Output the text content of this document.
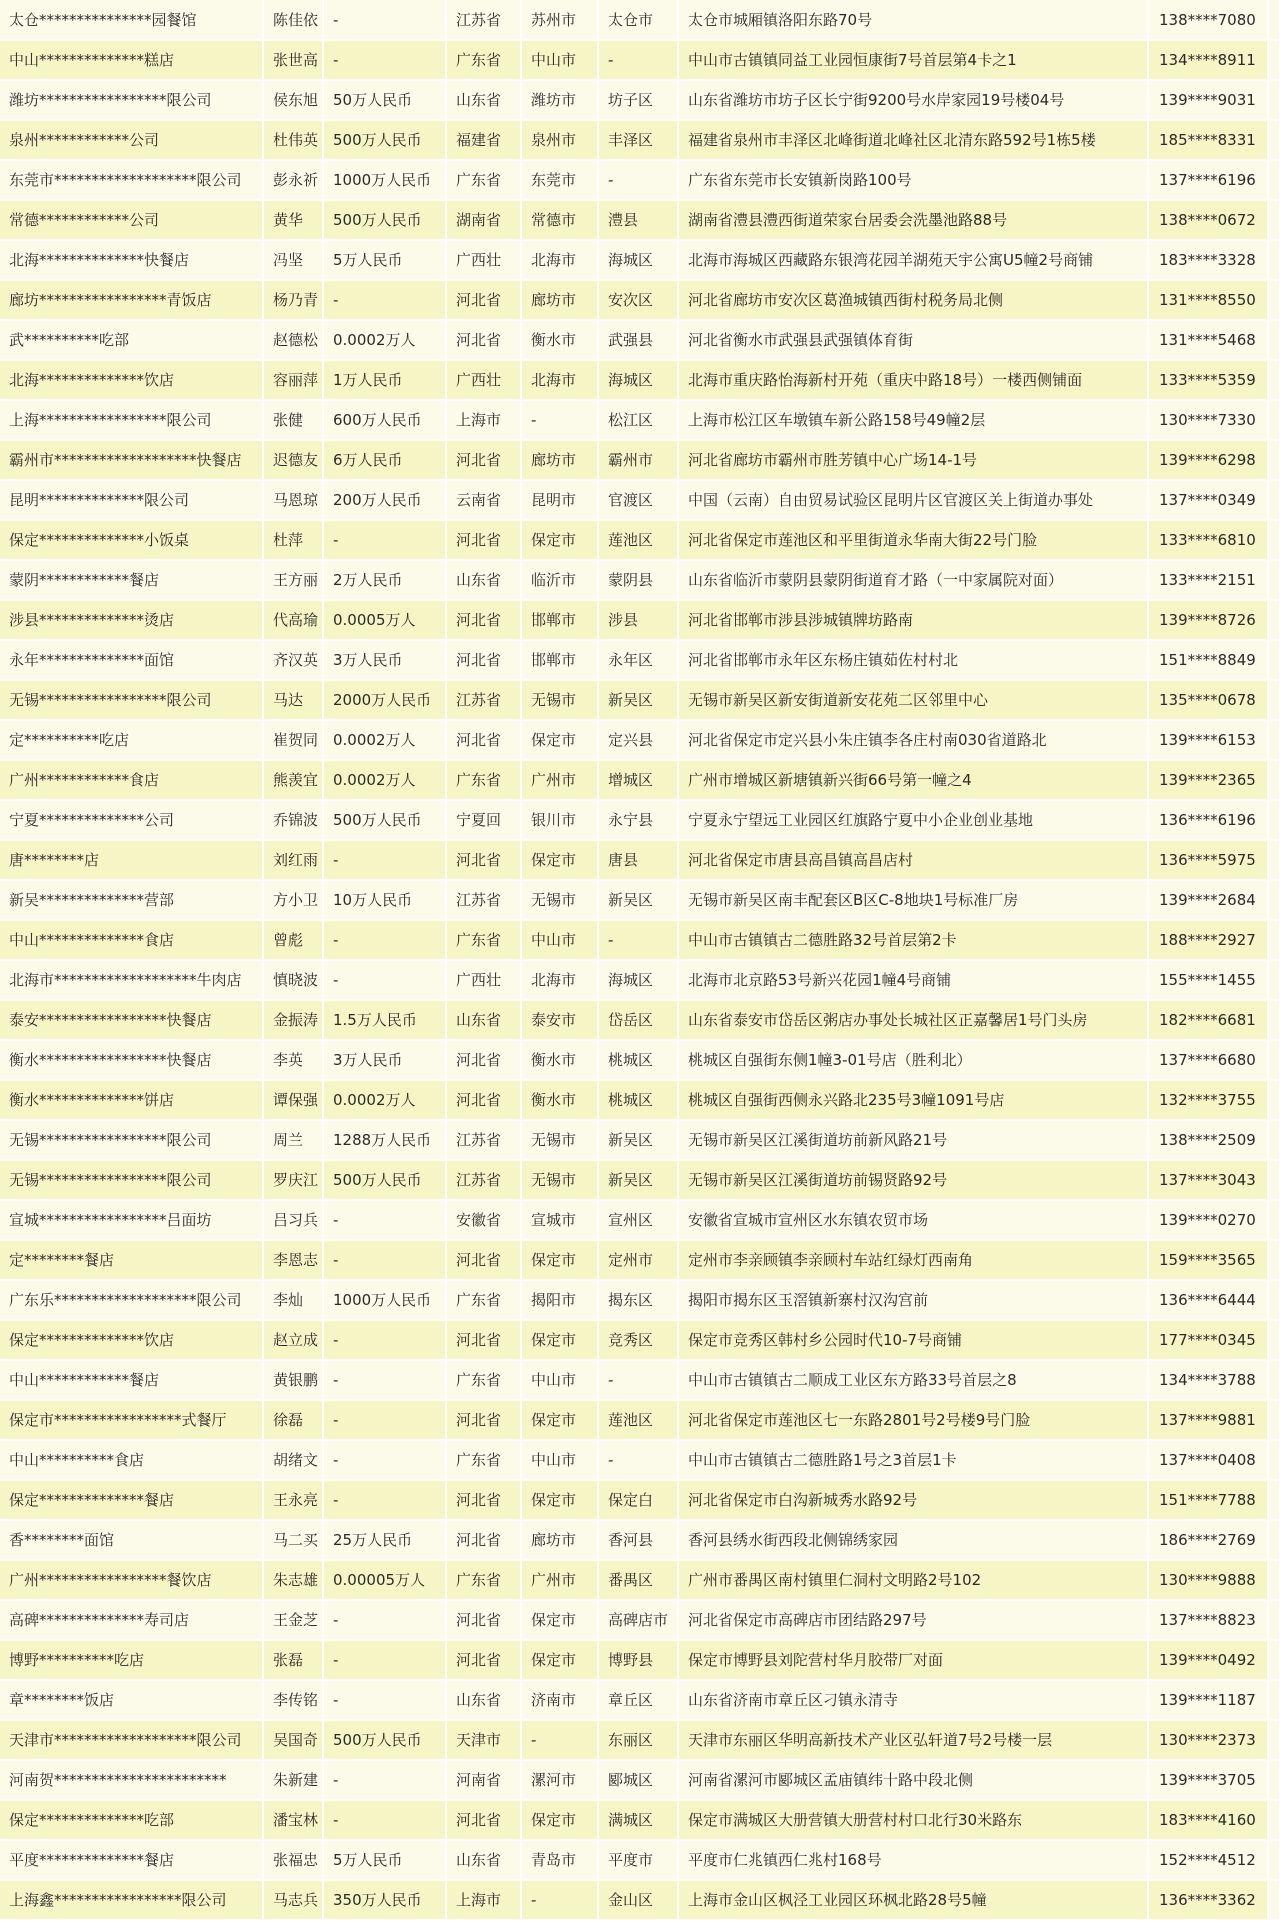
太仓***************园餐馆	陈佳依	-	江苏省	苏州市	太仓市	太仓市城厢镇洛阳东路70号	138****7080	
中山**************糕店	张世高	-	广东省	中山市	-	中山市古镇镇同益工业园恒康街7号首层第4卡之1	134****8911	
潍坊*****************限公司	侯东旭	50万人民币	山东省	潍坊市	坊子区	山东省潍坊市坊子区长宁街9200号水岸家园19号楼04号	139****9031	
泉州************公司	杜伟英	500万人民币	福建省	泉州市	丰泽区	福建省泉州市丰泽区北峰街道北峰社区北清东路592号1栋5楼	185****8331	
东莞市*******************限公司	彭永祈	1000万人民币	广东省	东莞市	-	广东省东莞市长安镇新岗路100号	137****6196	
常德************公司	黄华	500万人民币	湖南省	常德市	澧县	湖南省澧县澧西街道荣家台居委会洗墨池路88号	138****0672	
北海**************快餐店	冯坚	5万人民币	广西壮	北海市	海城区	北海市海城区西藏路东银湾花园羊湖苑天宇公寓U5幢2号商铺	183****3328	
廊坊*****************青饭店	杨乃青	-	河北省	廊坊市	安次区	河北省廊坊市安次区葛渔城镇西街村税务局北侧	131****8550	
武**********吃部	赵德松	0.0002万人	河北省	衡水市	武强县	河北省衡水市武强县武强镇体育街	131****5468	
北海**************饮店	容丽萍	1万人民币	广西壮	北海市	海城区	北海市重庆路怡海新村开苑（重庆中路18号）一楼西侧铺面	133****5359	
上海*****************限公司	张健	600万人民币	上海市	-	松江区	上海市松江区车墩镇车新公路158号49幢2层	130****7330	
霸州市*******************快餐店	迟德友	6万人民币	河北省	廊坊市	霸州市	河北省廊坊市霸州市胜芳镇中心广场14-1号	139****6298	
昆明**************限公司	马恩琼	200万人民币	云南省	昆明市	官渡区	中国（云南）自由贸易试验区昆明片区官渡区关上街道办事处	137****0349	
保定**************小饭桌	杜萍	-	河北省	保定市	莲池区	河北省保定市莲池区和平里街道永华南大街22号门脸	133****6810	
蒙阴************餐店	王方丽	2万人民币	山东省	临沂市	蒙阴县	山东省临沂市蒙阴县蒙阴街道育才路（一中家属院对面）	133****2151	
涉县**************烫店	代高瑜	0.0005万人	河北省	邯郸市	涉县	河北省邯郸市涉县涉城镇牌坊路南	139****8726	
永年**************面馆	齐汉英	3万人民币	河北省	邯郸市	永年区	河北省邯郸市永年区东杨庄镇茹佐村村北	151****8849	
无锡*****************限公司	马达	2000万人民币	江苏省	无锡市	新吴区	无锡市新吴区新安街道新安花苑二区邻里中心	135****0678	
定**********吃店	崔贺同	0.0002万人	河北省	保定市	定兴县	河北省保定市定兴县小朱庄镇李各庄村南030省道路北	139****6153	
广州************食店	熊羡宜	0.0002万人	广东省	广州市	增城区	广州市增城区新塘镇新兴街66号第一幢之4	139****2365	
宁夏**************公司	乔锦波	500万人民币	宁夏回	银川市	永宁县	宁夏永宁望远工业园区红旗路宁夏中小企业创业基地	136****6196	
唐********店	刘红雨	-	河北省	保定市	唐县	河北省保定市唐县高昌镇高昌店村	136****5975	
新吴**************营部	方小卫	10万人民币	江苏省	无锡市	新吴区	无锡市新吴区南丰配套区B区C-8地块1号标准厂房	139****2684	
中山**************食店	曾彪	-	广东省	中山市	-	中山市古镇镇古二德胜路32号首层第2卡	188****2927	
北海市*******************牛肉店	慎晓波	-	广西壮	北海市	海城区	北海市北京路53号新兴花园1幢4号商铺	155****1455	
泰安*****************快餐店	金振涛	1.5万人民币	山东省	泰安市	岱岳区	山东省泰安市岱岳区粥店办事处长城社区正嘉馨居1号门头房	182****6681	
衡水*****************快餐店	李英	3万人民币	河北省	衡水市	桃城区	桃城区自强街东侧1幢3-01号店（胜利北）	137****6680	
衡水**************饼店	谭保强	0.0002万人	河北省	衡水市	桃城区	桃城区自强街西侧永兴路北235号3幢1091号店	132****3755	
无锡*****************限公司	周兰	1288万人民币	江苏省	无锡市	新吴区	无锡市新吴区江溪街道坊前新风路21号	138****2509	
无锡*****************限公司	罗庆江	500万人民币	江苏省	无锡市	新吴区	无锡市新吴区江溪街道坊前锡贤路92号	137****3043	
宣城*****************吕面坊	吕习兵	-	安徽省	宣城市	宣州区	安徽省宣城市宣州区水东镇农贸市场	139****0270	
定********餐店	李恩志	-	河北省	保定市	定州市	定州市李亲顾镇李亲顾村车站红绿灯西南角	159****3565	
广东乐*******************限公司	李灿	1000万人民币	广东省	揭阳市	揭东区	揭阳市揭东区玉滘镇新寨村汉沟宫前	136****6444	
保定**************饮店	赵立成	-	河北省	保定市	竞秀区	保定市竞秀区韩村乡公园时代10-7号商铺	177****0345	
中山************餐店	黄银鹏	-	广东省	中山市	-	中山市古镇镇古二顺成工业区东方路33号首层之8	134****3788	
保定市*****************式餐厅	徐磊	-	河北省	保定市	莲池区	河北省保定市莲池区七一东路2801号2号楼9号门脸	137****9881	
中山**********食店	胡绪文	-	广东省	中山市	-	中山市古镇镇古二德胜路1号之3首层1卡	137****0408	
保定**************餐店	王永亮	-	河北省	保定市	保定白	河北省保定市白沟新城秀水路92号	151****7788	
香********面馆	马二买	25万人民币	河北省	廊坊市	香河县	香河县绣水街西段北侧锦绣家园	186****2769	
广州*****************餐饮店	朱志雄	0.00005万人	广东省	广州市	番禺区	广州市番禺区南村镇里仁洞村文明路2号102	130****9888	
高碑**************寿司店	王金芝	-	河北省	保定市	高碑店市	河北省保定市高碑店市团结路297号	137****8823	
博野**********吃店	张磊	-	河北省	保定市	博野县	保定市博野县刘陀营村华月胶带厂对面	139****0492	
章********饭店	李传铭	-	山东省	济南市	章丘区	山东省济南市章丘区刁镇永清寺	139****1187	
天津市*******************限公司	吴国奇	500万人民币	天津市	-	东丽区	天津市东丽区华明高新技术产业区弘轩道7号2号楼一层	130****2373	
河南贺***********************	朱新建	-	河南省	漯河市	郾城区	河南省漯河市郾城区孟庙镇纬十路中段北侧	139****3705	
保定**************吃部	潘宝林	-	河北省	保定市	满城区	保定市满城区大册营镇大册营村村口北行30米路东	183****4160	
平度**************餐店	张福忠	5万人民币	山东省	青岛市	平度市	平度市仁兆镇西仁兆村168号	152****4512	
上海鑫*****************限公司	马志兵	350万人民币	上海市	-	金山区	上海市金山区枫泾工业园区环枫北路28号5幢	136****3362	
